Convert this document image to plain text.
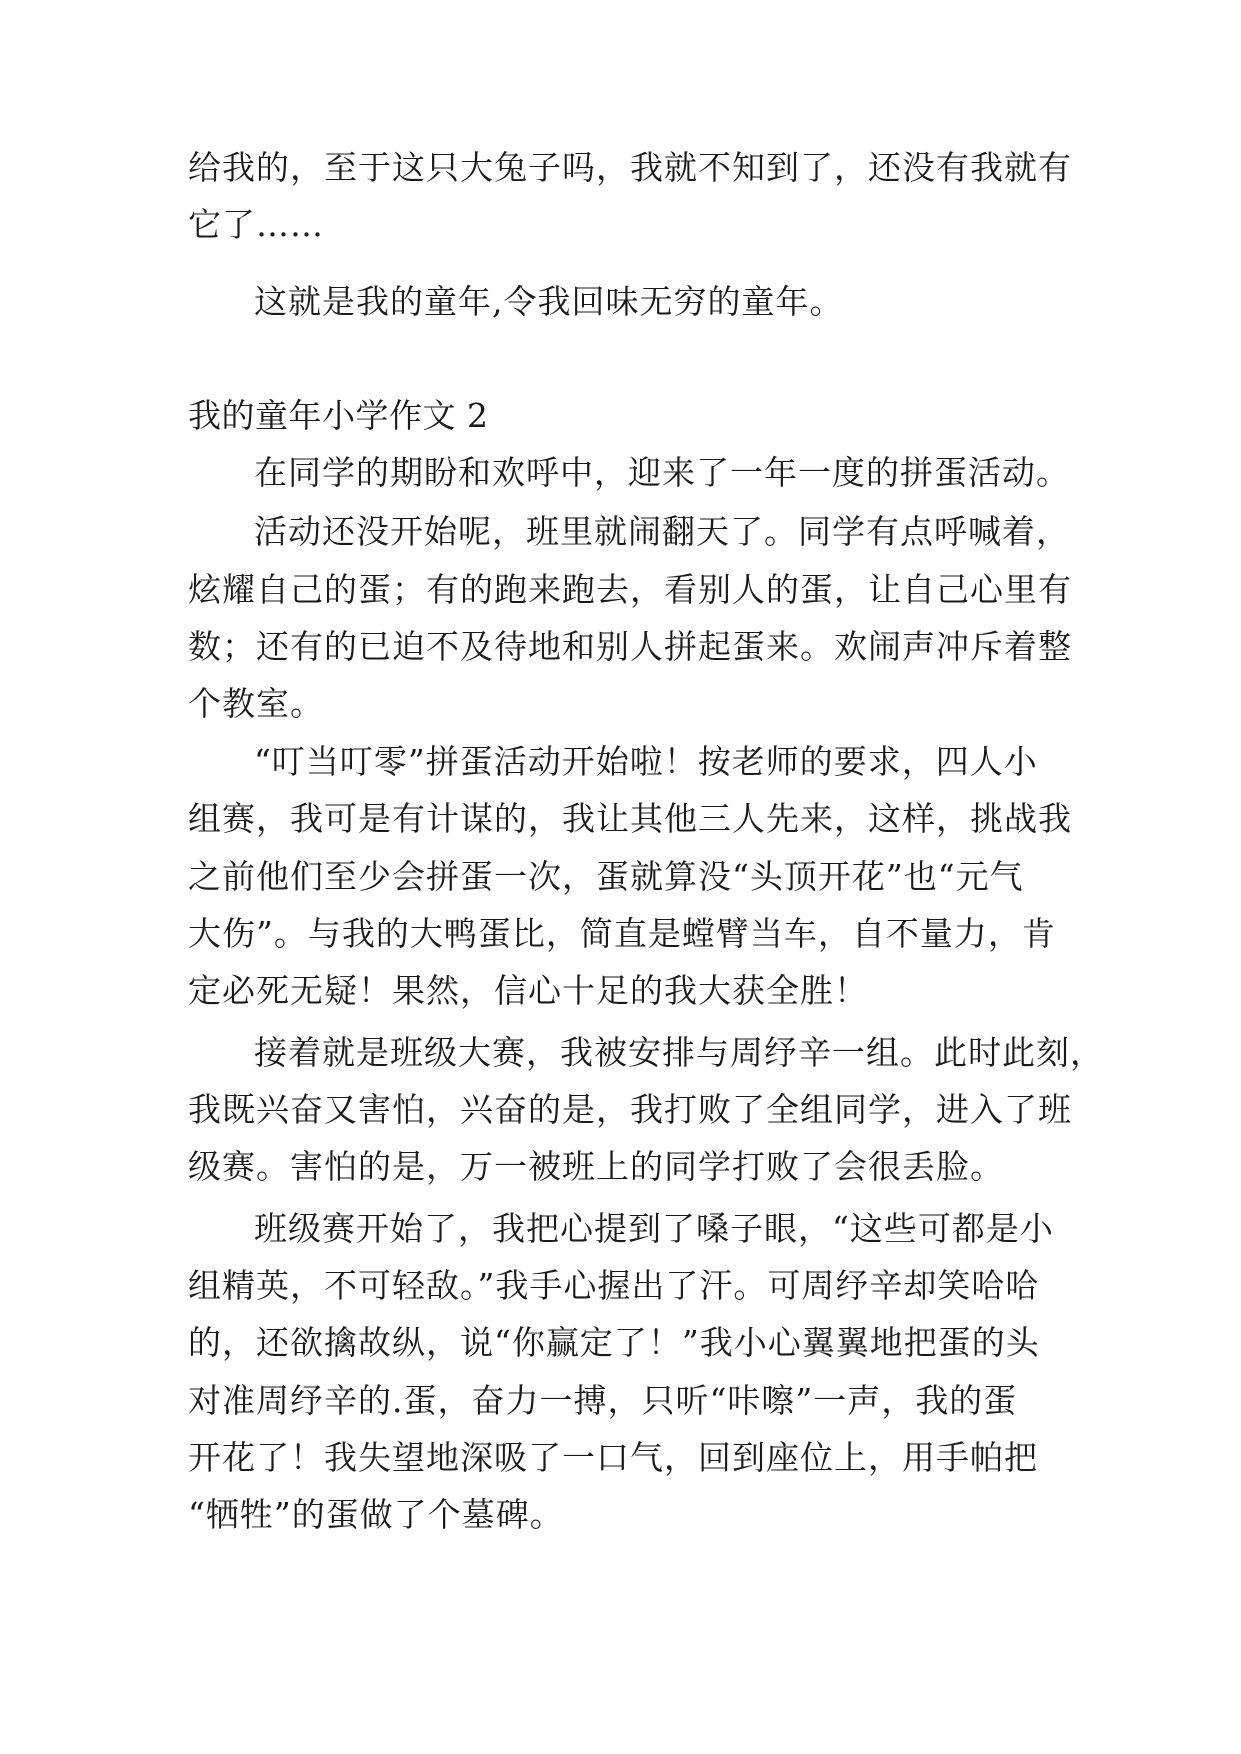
给我的，至于这只大兔子吗，我就不知到了，还没有我就有
它了……
这就是我的童年,令我回味无穷的童年。
我的童年小学作文 2
在同学的期盼和欢呼中，迎来了一年一度的拼蛋活动。
活动还没开始呢，班里就闹翻天了。同学有点呼喊着，
炫耀自己的蛋；有的跑来跑去，看别人的蛋，让自己心里有
数；还有的已迫不及待地和别人拼起蛋来。欢闹声冲斥着整
个教室。
“叮当叮零”拼蛋活动开始啦！按老师的要求，四人小
组赛，我可是有计谋的，我让其他三人先来，这样，挑战我
之前他们至少会拼蛋一次，蛋就算没“头顶开花”也“元气
大伤”。与我的大鸭蛋比，简直是螳臂当车，自不量力，肯
定必死无疑！果然，信心十足的我大获全胜！
接着就是班级大赛，我被安排与周纾辛一组。此时此刻，
我既兴奋又害怕，兴奋的是，我打败了全组同学，进入了班
级赛。害怕的是，万一被班上的同学打败了会很丢脸。
班级赛开始了，我把心提到了嗓子眼，“这些可都是小
组精英，不可轻敌。”我手心握出了汗。可周纾辛却笑哈哈
的，还欲擒故纵，说“你赢定了！”我小心翼翼地把蛋的头
对准周纾辛的.蛋，奋力一搏，只听“咔嚓”一声，我的蛋
开花了！我失望地深吸了一口气，回到座位上，用手帕把
“牺牲”的蛋做了个墓碑。
